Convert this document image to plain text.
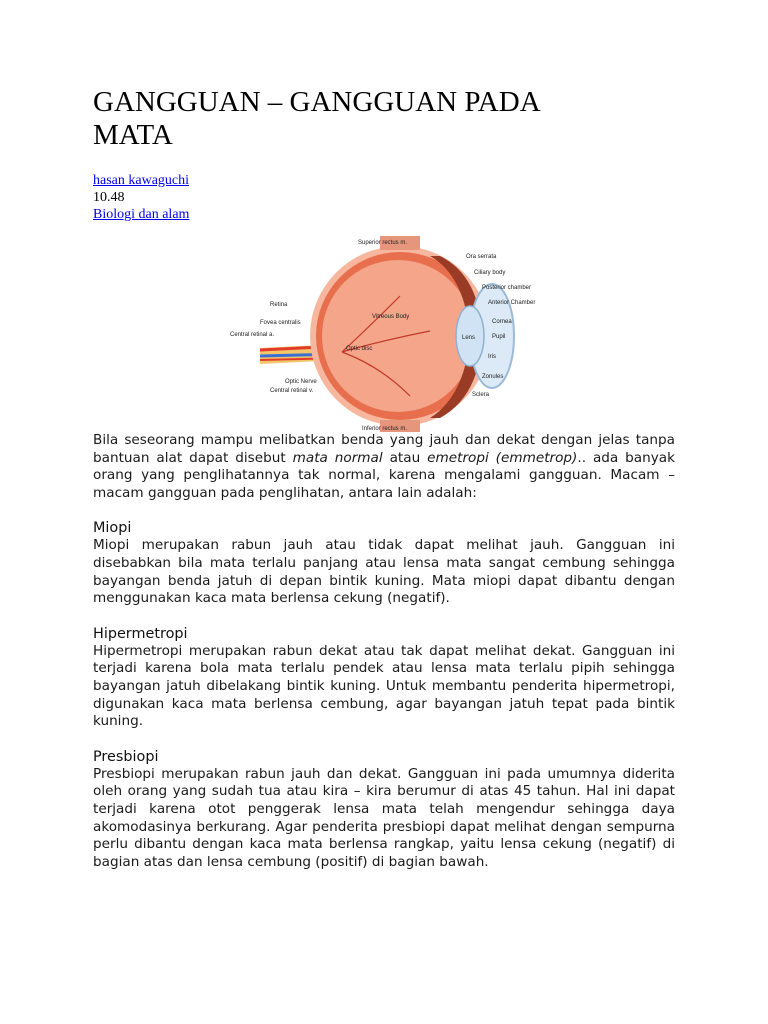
GANGGUAN – GANGGUAN PADA MATA
hasan kawaguchi
10.48
Biologi dan alam
Superior rectus m.
Ora serrata
Ciliary body
Posterior chamber
Anterior Chamber
Cornea
Pupil
Iris
Zonules
Sclera
Inferior rectus m.
Retina
Fovea centralis
Central retinal a.
Optic Nerve
Central retinal v.
Vitreous Body
Optic disc
Lens

Bila seseorang mampu melibatkan benda yang jauh dan dekat dengan jelas tanpa bantuan alat dapat disebut mata normal atau emetropi (emmetrop).. ada banyak orang yang penglihatannya tak normal, karena mengalami gangguan. Macam – macam gangguan pada penglihatan, antara lain adalah:

Miopi

Miopi merupakan rabun jauh atau tidak dapat melihat jauh. Gangguan ini disebabkan bila mata terlalu panjang atau lensa mata sangat cembung sehingga bayangan benda jatuh di depan bintik kuning. Mata miopi dapat dibantu dengan menggunakan kaca mata berlensa cekung (negatif).

Hipermetropi

Hipermetropi merupakan rabun dekat atau tak dapat melihat dekat. Gangguan ini terjadi karena bola mata terlalu pendek atau lensa mata terlalu pipih sehingga bayangan jatuh dibelakang bintik kuning. Untuk membantu penderita hipermetropi, digunakan kaca mata berlensa cembung, agar bayangan jatuh tepat pada bintik kuning.

Presbiopi

Presbiopi merupakan rabun jauh dan dekat. Gangguan ini pada umumnya diderita oleh orang yang sudah tua atau kira – kira berumur di atas 45 tahun. Hal ini dapat terjadi karena otot penggerak lensa mata telah mengendur sehingga daya akomodasinya berkurang. Agar penderita presbiopi dapat melihat dengan sempurna perlu dibantu dengan kaca mata berlensa rangkap, yaitu lensa cekung (negatif) di bagian atas dan lensa cembung (positif) di bagian bawah.
